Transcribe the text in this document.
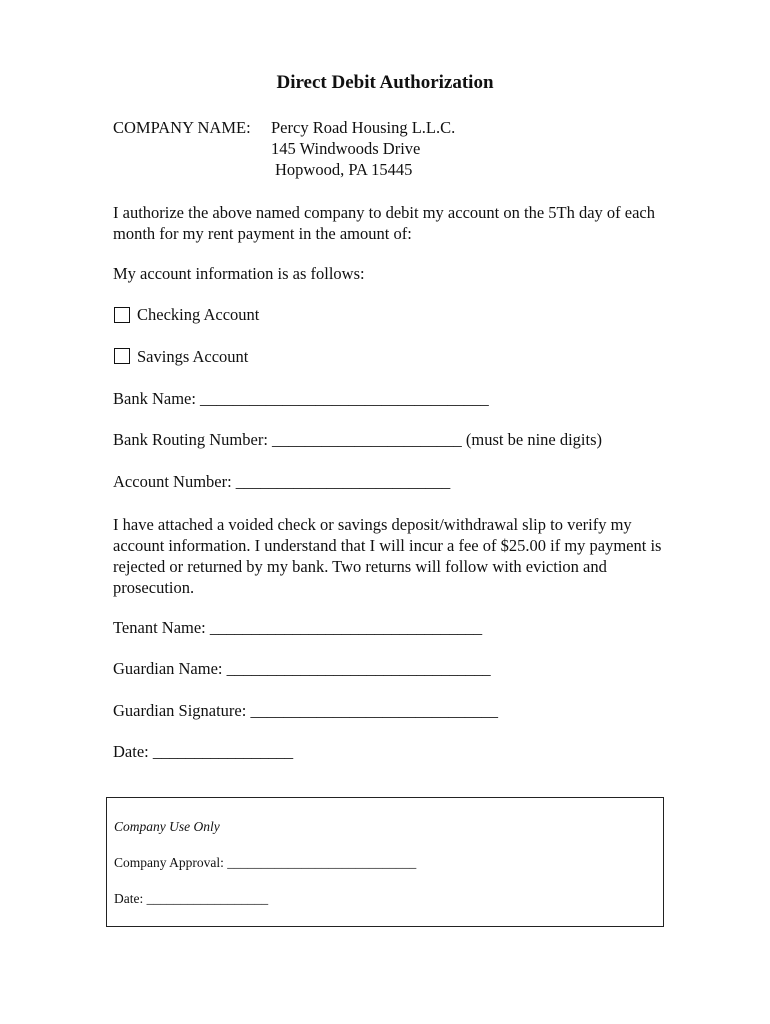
Direct Debit Authorization

COMPANY NAME: Percy Road Housing L.L.C.

145 Windwoods Drive

Hopwood, PA 15445

I authorize the above named company to debit my account on the 5Th day of each month for my rent payment in the amount of:

My account information is as follows:

Checking Account

Savings Account

Bank Name: ___________________________________

Bank Routing Number: _______________________ (must be nine digits)

Account Number: __________________________

I have attached a voided check or savings deposit/withdrawal slip to verify my account information. I understand that I will incur a fee of $25.00 if my payment is rejected or returned by my bank. Two returns will follow with eviction and prosecution.

Tenant Name: _________________________________

Guardian Name: ________________________________

Guardian Signature: ______________________________

Date: _________________

Company Use Only

Company Approval: ____________________________

Date: __________________
